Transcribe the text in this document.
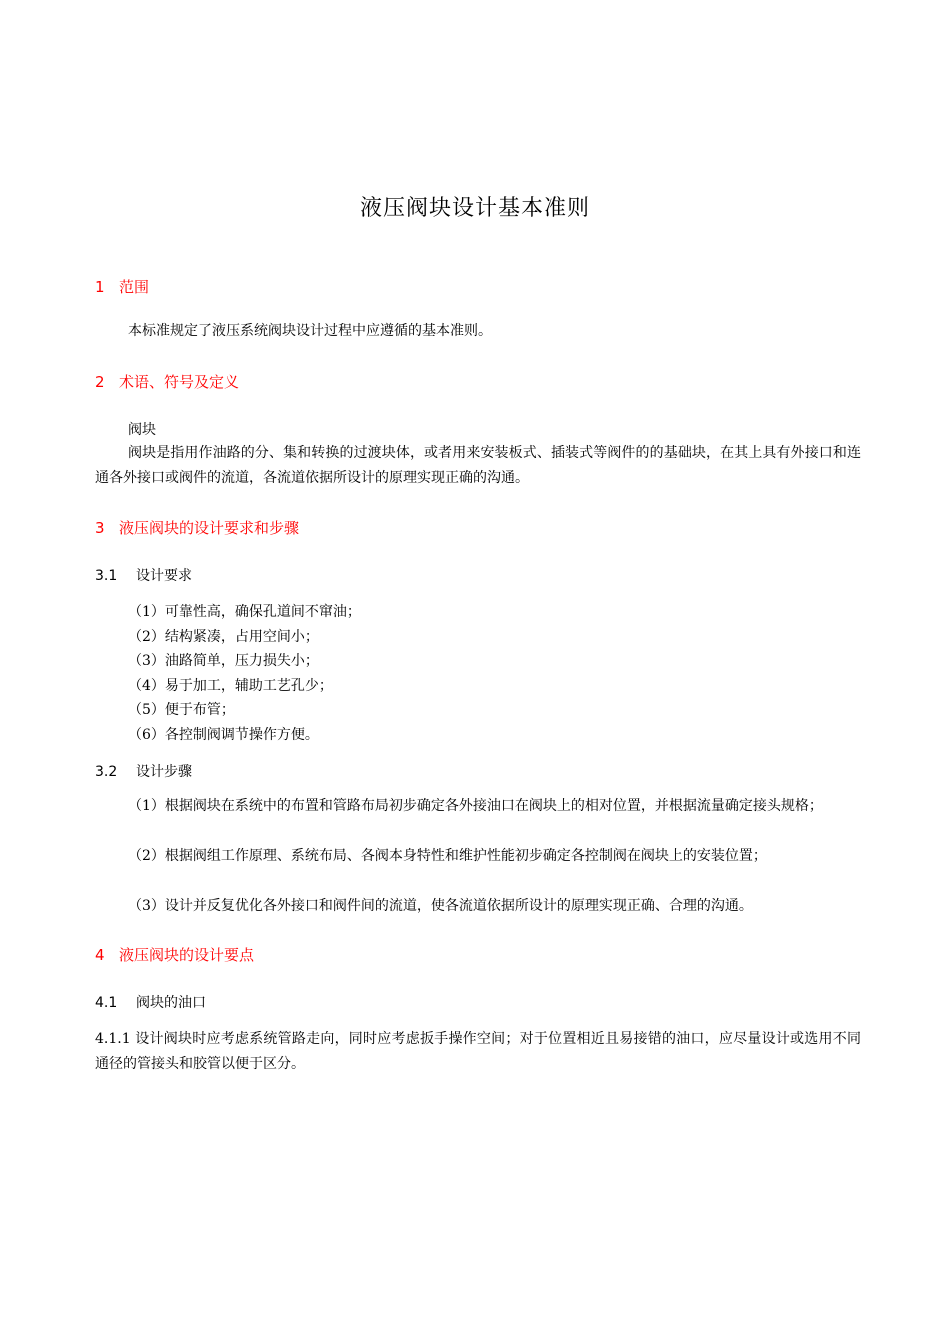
液压阀块设计基本准则
1 范围
本标准规定了液压系统阀块设计过程中应遵循的基本准则。
2 术语、符号及定义
阀块
阀块是指用作油路的分、集和转换的过渡块体，或者用来安装板式、插装式等阀件的的基础块，在其上具有外接口和连通各外接口或阀件的流道，各流道依据所设计的原理实现正确的沟通。
3 液压阀块的设计要求和步骤
3.1 设计要求
（1）可靠性高，确保孔道间不窜油；
（2）结构紧凑，占用空间小；
（3）油路简单，压力损失小；
（4）易于加工，辅助工艺孔少；
（5）便于布管；
（6）各控制阀调节操作方便。
3.2 设计步骤
（1）根据阀块在系统中的布置和管路布局初步确定各外接油口在阀块上的相对位置，并根据流量确定接头规格；
（2）根据阀组工作原理、系统布局、各阀本身特性和维护性能初步确定各控制阀在阀块上的安装位置；
（3）设计并反复优化各外接口和阀件间的流道，使各流道依据所设计的原理实现正确、合理的沟通。
4 液压阀块的设计要点
4.1 阀块的油口
4.1.1 设计阀块时应考虑系统管路走向，同时应考虑扳手操作空间；对于位置相近且易接错的油口，应尽量设计或选用不同通径的管接头和胶管以便于区分。
